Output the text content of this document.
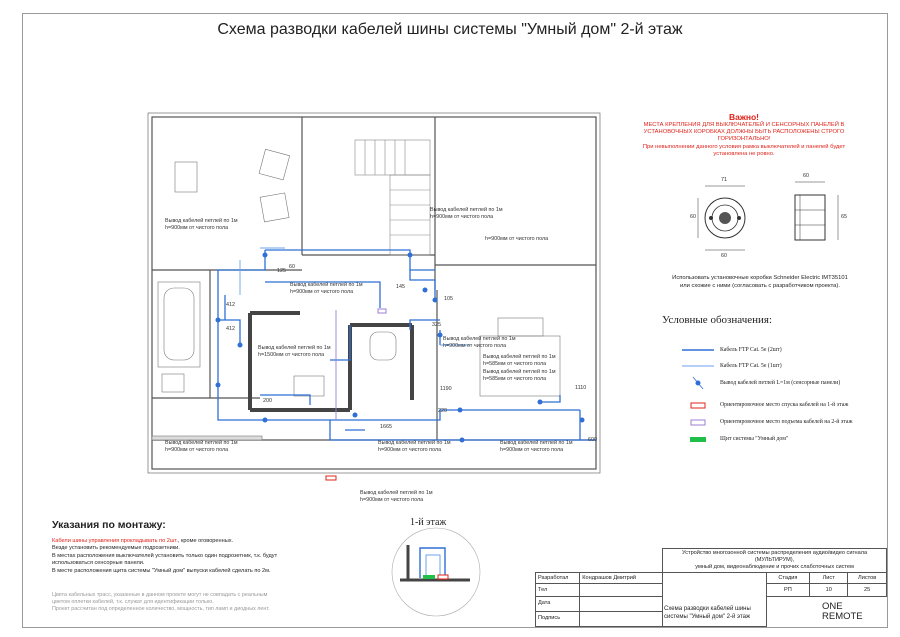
Схема разводки кабелей шины системы "Умный дом" 2-й этаж
Вывод кабелей петлей по 1м
h=900мм от чистого пола
Вывод кабелей петлей по 1м
h=900мм от чистого пола
h=900мм от чистого пола
Вывод кабелей петлей по 1м
h=900мм от чистого пола
Вывод кабелей петлей по 1м
h=1500мм от чистого пола
Вывод кабелей петлей по 1м
h=900мм от чистого пола
Вывод кабелей петлей по 1м
h=585мм от чистого пола
Вывод кабелей петлей по 1м
h=585мм от чистого пола
Вывод кабелей петлей по 1м
h=900мм от чистого пола
Вывод кабелей петлей по 1м
h=900мм от чистого пола
Вывод кабелей петлей по 1м
h=900мм от чистого пола
Вывод кабелей петлей по 1м
h=900мм от чистого пола
125
60
145
105
325
412
412
1190	1110
200
220
1665
600
Важно!
МЕСТА КРЕПЛЕНИЯ ДЛЯ ВЫКЛЮЧАТЕЛЕЙ И СЕНСОРНЫХ ПАНЕЛЕЙ В
УСТАНОВОЧНЫХ КОРОБКАХ ДОЛЖНЫ БЫТЬ РАСПОЛОЖЕНЫ СТРОГО
ГОРИЗОНТАЛЬНО!
При невыполнении данного условия рамка выключателей и панелей будет
установлена не ровно.
71
60
60
60
65
Использовать установочные коробки Schneider Electric IMT35101
или схожие с ними (согласовать с разработчиком проекта).
Условные обозначения:
Кабель FTP Cat. 5e (2шт)
Кабель FTP Cat. 5e (1шт)
Вывод кабелей петлей L=1м (сенсорные панели)
Ориентировочное место спуска кабелей на 1-й этаж
Ориентировочное место подъема кабелей на 2-й этаж
Щит системы "Умный дом"
Указания по монтажу:
Кабели шины управления прокладывать по 2шт., кроме оговоренных.
Везде установить рекомендуемые подрозетники.
В местах расположения выключателей установить только один подрозетник, т.к. будут
использоваться сенсорные панели.
В месте расположения щита системы "Умный дом" выпуски кабелей сделать по 2м.
Цвета кабельных трасс, указанные в данном проекте могут не совпадать с реальным
цветом оплетки кабелей, т.к. служат для идентификации только.
Проект рассчитан под определенное количество, мощность, тип ламп и диодных лент.
1-й этаж

		Устройство многозонной системы распределения аудио/видео сигнала (МУЛЬТИРУМ),
умный дом, видеонаблюдение и прочих слаботочных систем			

Разработал	Кондрашов Дмитрий		Стадия	Лист	Листов
Тел			РП	10	25
Дата					
Подпись					
Схема разводки кабелей шины
системы "Умный дом" 2-й этаж
ONE
REMOTE
